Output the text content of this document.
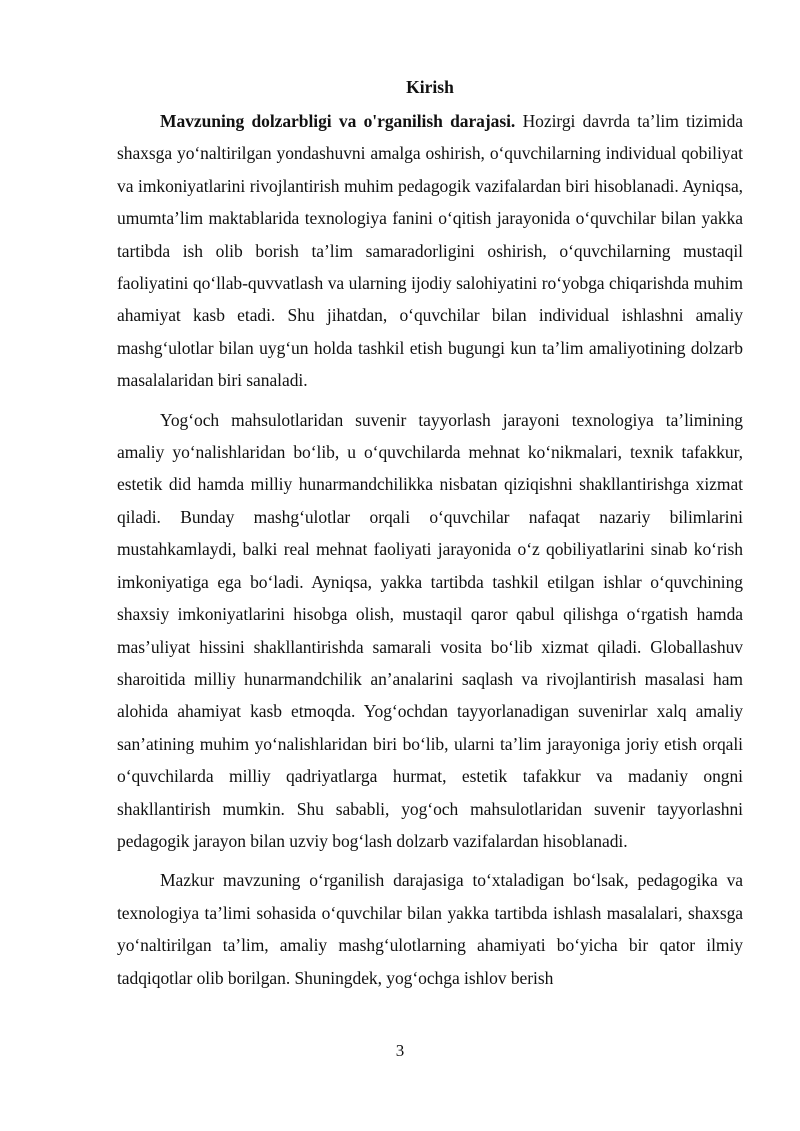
Kirish

Mavzuning dolzarbligi va o'rganilish darajasi. Hozirgi davrda ta’lim tizimida shaxsga yo‘naltirilgan yondashuvni amalga oshirish, o‘quvchilarning individual qobiliyat va imkoniyatlarini rivojlantirish muhim pedagogik vazifalardan biri hisoblanadi. Ayniqsa, umumta’lim maktablarida texnologiya fanini o‘qitish jarayonida o‘quvchilar bilan yakka tartibda ish olib borish ta’lim samaradorligini oshirish, o‘quvchilarning mustaqil faoliyatini qo‘llab-quvvatlash va ularning ijodiy salohiyatini ro‘yobga chiqarishda muhim ahamiyat kasb etadi. Shu jihatdan, o‘quvchilar bilan individual ishlashni amaliy mashg‘ulotlar bilan uyg‘un holda tashkil etish bugungi kun ta’lim amaliyotining dolzarb masalalaridan biri sanaladi.

Yog‘och mahsulotlaridan suvenir tayyorlash jarayoni texnologiya ta’limining amaliy yo‘nalishlaridan bo‘lib, u o‘quvchilarda mehnat ko‘nikmalari, texnik tafakkur, estetik did hamda milliy hunarmandchilikka nisbatan qiziqishni shakllantirishga xizmat qiladi. Bunday mashg‘ulotlar orqali o‘quvchilar nafaqat nazariy bilimlarini mustahkamlaydi, balki real mehnat faoliyati jarayonida o‘z qobiliyatlarini sinab ko‘rish imkoniyatiga ega bo‘ladi. Ayniqsa, yakka tartibda tashkil etilgan ishlar o‘quvchining shaxsiy imkoniyatlarini hisobga olish, mustaqil qaror qabul qilishga o‘rgatish hamda mas’uliyat hissini shakllantirishda samarali vosita bo‘lib xizmat qiladi. Globallashuv sharoitida milliy hunarmandchilik an’analarini saqlash va rivojlantirish masalasi ham alohida ahamiyat kasb etmoqda. Yog‘ochdan tayyorlanadigan suvenirlar xalq amaliy san’atining muhim yo‘nalishlaridan biri bo‘lib, ularni ta’lim jarayoniga joriy etish orqali o‘quvchilarda milliy qadriyatlarga hurmat, estetik tafakkur va madaniy ongni shakllantirish mumkin. Shu sababli, yog‘och mahsulotlaridan suvenir tayyorlashni pedagogik jarayon bilan uzviy bog‘lash dolzarb vazifalardan hisoblanadi.

Mazkur mavzuning o‘rganilish darajasiga to‘xtaladigan bo‘lsak, pedagogika va texnologiya ta’limi sohasida o‘quvchilar bilan yakka tartibda ishlash masalalari, shaxsga yo‘naltirilgan ta’lim, amaliy mashg‘ulotlarning ahamiyati bo‘yicha bir qator ilmiy tadqiqotlar olib borilgan. Shuningdek, yog‘ochga ishlov berish

3
